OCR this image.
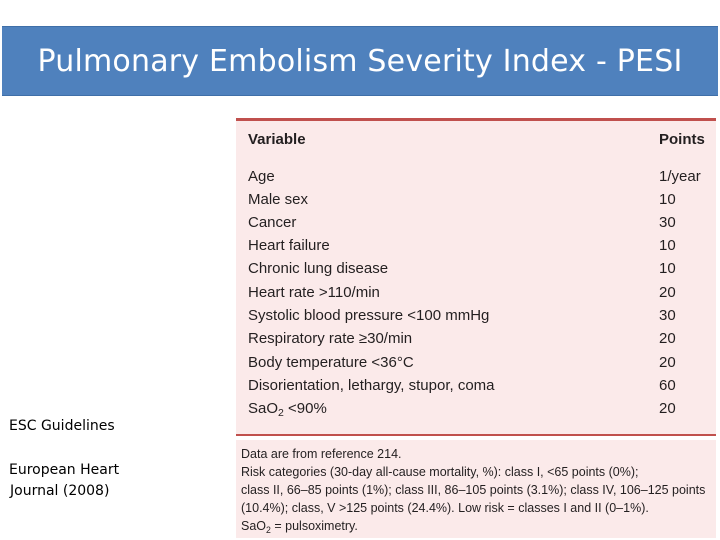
Pulmonary Embolism Severity Index - PESI

ESC Guidelines

European Heart
Journal (2008)

Variable	Points
Age	1/year
Male sex	10
Cancer	30
Heart failure	10
Chronic lung disease	10
Heart rate >110/min	20
Systolic blood pressure <100 mmHg	30
Respiratory rate ≥30/min	20
Body temperature <36°C	20
Disorientation, lethargy, stupor, coma	60
SaO$_2$ <90%	20
Data are from reference 214.
Risk categories (30-day all-cause mortality, %): class I, <65 points (0%);
class II, 66–85 points (1%); class III, 86–105 points (3.1%); class IV, 106–125 points
(10.4%); class, V >125 points (24.4%). Low risk = classes I and II (0–1%).
SaO$_2$ = pulsoximetry.
